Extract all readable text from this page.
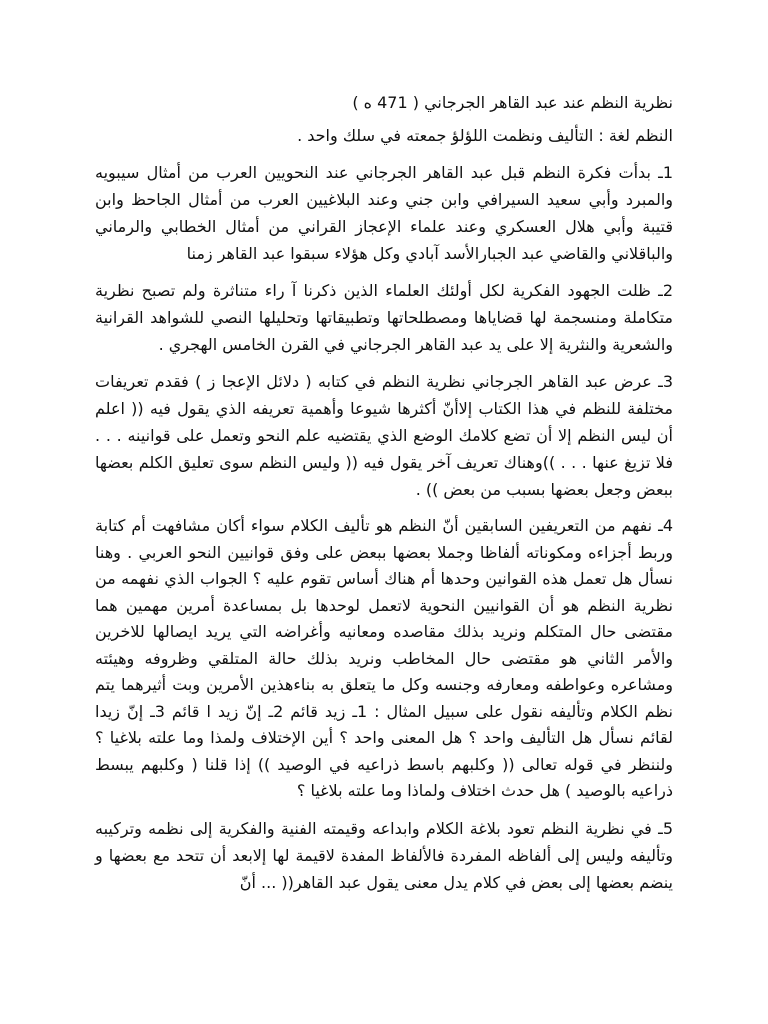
نظرية النظم عند عبد القاهر الجرجاني ( 471 ه )

النظم لغة : التأليف ونظمت اللؤلؤ جمعته في سلك واحد .

1ـ بدأت فكرة النظم قبل عبد القاهر الجرجاني عند النحويين العرب من أمثال سيبويه والمبرد وأبي سعيد السيرافي وابن جني وعند البلاغيين العرب من أمثال الجاحظ وابن قتيبة وأبي هلال العسكري وعند علماء الإعجاز القراني من أمثال الخطابي والرماني والباقلاني والقاضي عبد الجبارالأسد آبادي وكل هؤلاء سبقوا عبد القاهر زمنا

2ـ ظلت الجهود الفكرية لكل أولئك العلماء الذين ذكرنا آ راء متناثرة ولم تصبح نظرية متكاملة ومنسجمة لها قضاياها ومصطلحاتها وتطبيقاتها وتحليلها النصي للشواهد القرانية والشعرية والنثرية إلا على يد عبد القاهر الجرجاني في القرن الخامس الهجري .

3ـ عرض عبد القاهر الجرجاني نظرية النظم في كتابه ( دلائل الإعجا ز ) فقدم تعريفات مختلفة للنظم في هذا الكتاب إلاأنّ أكثرها شيوعا وأهمية تعريفه الذي يقول فيه (( اعلم أن ليس النظم إلا أن تضع كلامك الوضع الذي يقتضيه علم النحو وتعمل على قوانينه . . . فلا تزيغ عنها . . . ))وهناك تعريف آخر يقول فيه (( وليس النظم سوى تعليق الكلم بعضها ببعض وجعل بعضها بسبب من بعض )) .

4ـ نفهم من التعريفين السابقين أنّ النظم هو تأليف الكلام سواء أكان مشافهت أم كتابة وربط أجزاءه ومكوناته ألفاظا وجملا بعضها ببعض على وفق قوانيين النحو العربي . وهنا نسأل هل تعمل هذه القوانين وحدها أم هناك أساس تقوم عليه ؟ الجواب الذي نفهمه من نظرية النظم هو أن القوانيين النحوية لاتعمل لوحدها بل بمساعدة أمرين مهمين هما مقتضى حال المتكلم ونريد بذلك مقاصده ومعانيه وأغراضه التي يريد ايصالها للاخرين والأمر الثاني هو مقتضى حال المخاطب ونريد بذلك حالة المتلقي وظروفه وهيئته ومشاعره وعواطفه ومعارفه وجنسه وكل ما يتعلق به بناءهذين الأمرين وبت أثيرهما يتم نظم الكلام وتأليفه نقول على سبيل المثال : 1ـ زيد قائم 2ـ إنّ زيد ا قائم 3ـ إنّ زيدا لقائم نسأل هل التأليف واحد ؟ هل المعنى واحد ؟ أين الإختلاف ولمذا وما علته بلاغيا ؟ ولننظر في قوله تعالى (( وكلبهم باسط ذراعيه في الوصيد )) إذا قلنا ( وكلبهم يبسط ذراعيه بالوصيد ) هل حدث اختلاف ولماذا وما علته بلاغيا ؟

5ـ في نظرية النظم تعود بلاغة الكلام وابداعه وقيمته الفنية والفكرية إلى نظمه وتركيبه وتأليفه وليس إلى ألفاظه المفردة فالألفاظ المفدة لاقيمة لها إلابعد أن تتحد مع بعضها و ينضم بعضها إلى بعض في كلام يدل معنى يقول عبد القاهر(( ... أنّ
